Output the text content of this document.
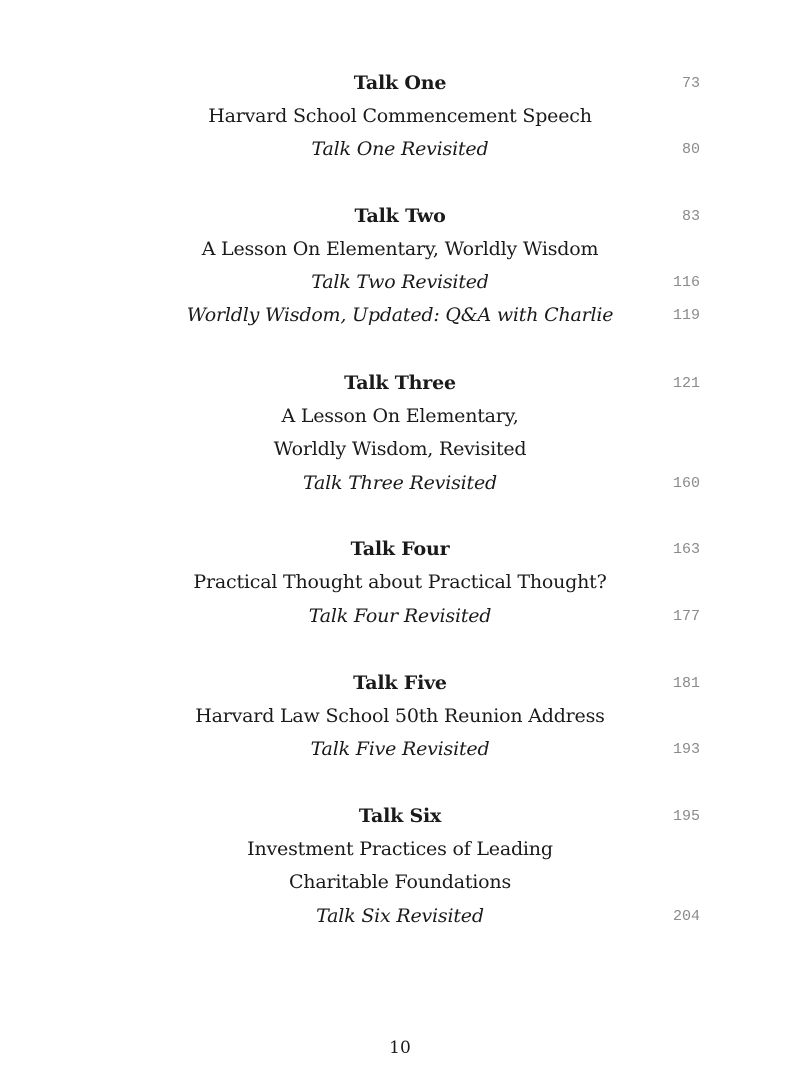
Talk One	73
Harvard School Commencement Speech
Talk One Revisited	80
Talk Two	83
A Lesson On Elementary, Worldly Wisdom
Talk Two Revisited	116
Worldly Wisdom, Updated: Q&A with Charlie	119
Talk Three	121
A Lesson On Elementary,
Worldly Wisdom, Revisited
Talk Three Revisited	160
Talk Four	163
Practical Thought about Practical Thought?
Talk Four Revisited	177
Talk Five	181
Harvard Law School 50th Reunion Address
Talk Five Revisited	193
Talk Six	195
Investment Practices of Leading
Charitable Foundations
Talk Six Revisited	204
10
